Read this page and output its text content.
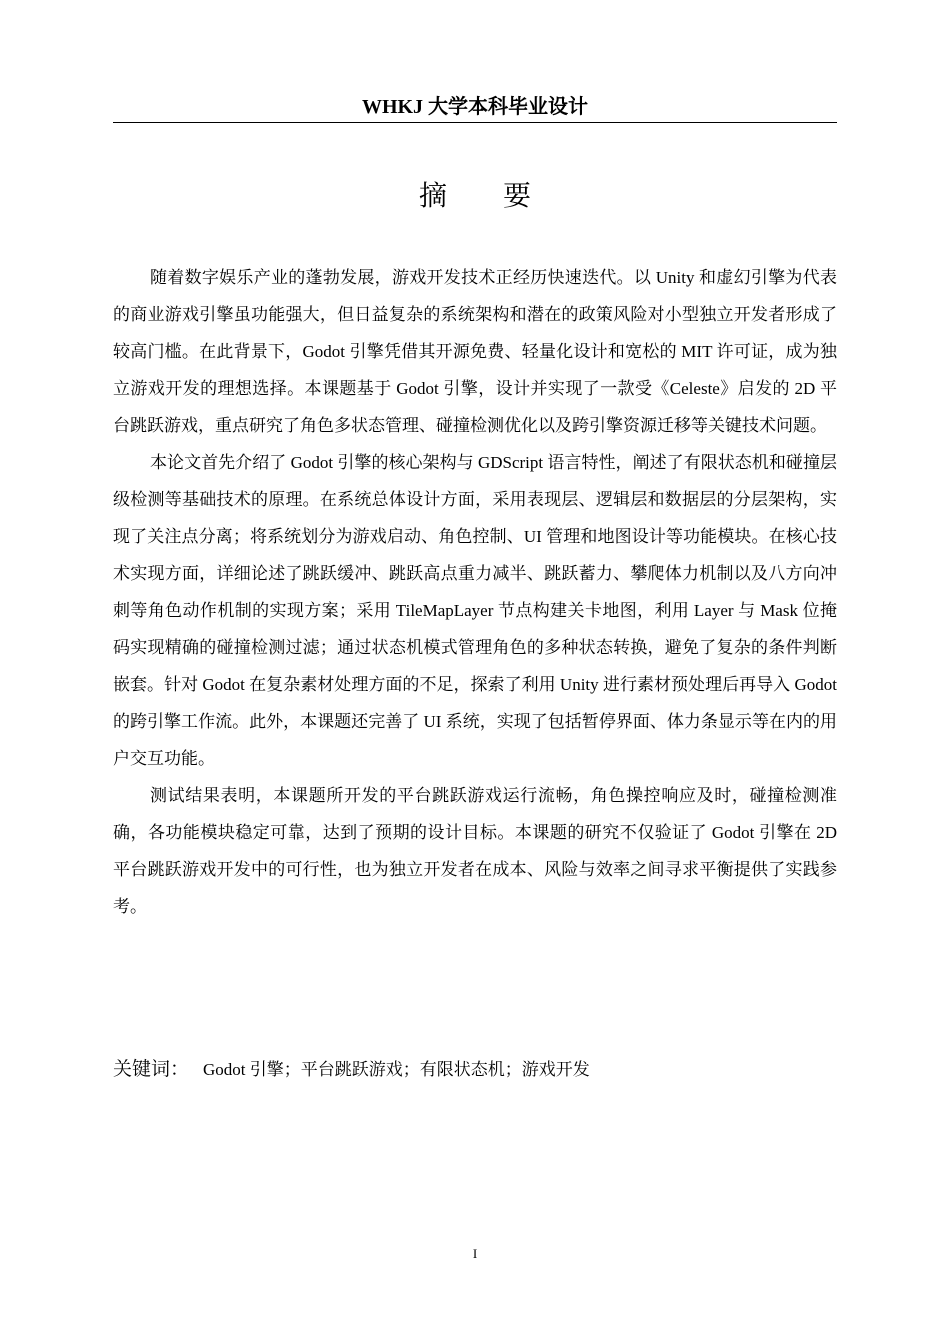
WHKJ 大学本科毕业设计
摘要

随着数字娱乐产业的蓬勃发展，游戏开发技术正经历快速迭代。以 Unity 和虚幻引擎为代表的商业游戏引擎虽功能强大，但日益复杂的系统架构和潜在的政策风险对小型独立开发者形成了较高门槛。在此背景下，Godot 引擎凭借其开源免费、轻量化设计和宽松的 MIT 许可证，成为独立游戏开发的理想选择。本课题基于 Godot 引擎，设计并实现了一款受《Celeste》启发的 2D 平台跳跃游戏，重点研究了角色多状态管理、碰撞检测优化以及跨引擎资源迁移等关键技术问题。

本论文首先介绍了 Godot 引擎的核心架构与 GDScript 语言特性，阐述了有限状态机和碰撞层级检测等基础技术的原理。在系统总体设计方面，采用表现层、逻辑层和数据层的分层架构，实现了关注点分离；将系统划分为游戏启动、角色控制、UI 管理和地图设计等功能模块。在核心技术实现方面，详细论述了跳跃缓冲、跳跃高点重力减半、跳跃蓄力、攀爬体力机制以及八方向冲刺等角色动作机制的实现方案；采用 TileMapLayer 节点构建关卡地图，利用 Layer 与 Mask 位掩码实现精确的碰撞检测过滤；通过状态机模式管理角色的多种状态转换，避免了复杂的条件判断嵌套。针对 Godot 在复杂素材处理方面的不足，探索了利用 Unity 进行素材预处理后再导入 Godot 的跨引擎工作流。此外，本课题还完善了 UI 系统，实现了包括暂停界面、体力条显示等在内的用户交互功能。

测试结果表明，本课题所开发的平台跳跃游戏运行流畅，角色操控响应及时，碰撞检测准确，各功能模块稳定可靠，达到了预期的设计目标。本课题的研究不仅验证了 Godot 引擎在 2D 平台跳跃游戏开发中的可行性，也为独立开发者在成本、风险与效率之间寻求平衡提供了实践参考。

关键词： Godot 引擎；平台跳跃游戏；有限状态机；游戏开发
I
